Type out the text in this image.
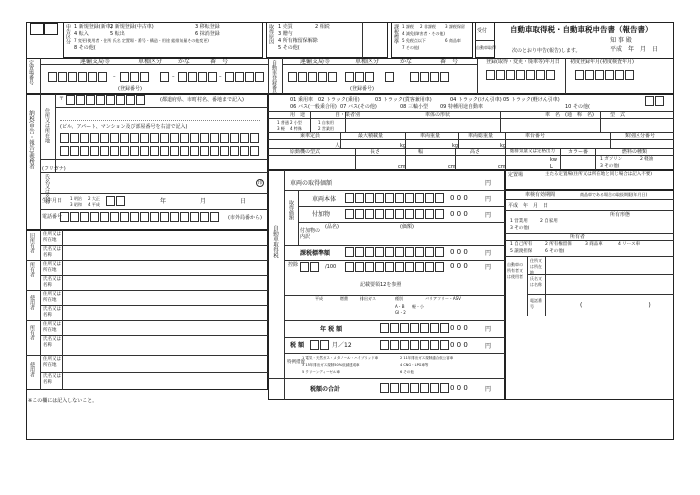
申告区分 1 新規登録(新車)
2 新規登録(中古車)	3 移転登録
4 転入	5 転出	6 抹消登録
7 変更(使用者・住所 氏名 定置場・番号・構造・用途 総排気量その他変更)
8 その他(
取得原因 1 売買	2 相続
3 贈与
4 所有権留保解除
5 その他(
課税標準 1 課税 2 非課税 3 課税保留
4 減免(障害者・その他)
5 免税点以下	6 商品車
7 その他(
受付
自動車取得
自動車取得税・自動車税申告書（報告書）
知 事 殿
次のとおり申告(報告)します。	平成　年　月　日
定置場番号	運輸支局等	車種区分	かな	番　号
–	–	–
(登録番号)	自動車登録番号	運輸支局等	車種区分	かな	番　号
(登録番号)
登録(取得・変更・廃車等)年月日 初度登録年月(初度検査年月)
納税(申告・報告)義務者
〒	(都道府県、市町村名、番地まで記入)
住所又は所在地 (ビル、アパート、マンション及び部屋番号を右詰で記入)
(フリガナ)
氏名又は名称	印
生年月日 1 明治 2 大正
3 昭和 4 平成	年	月	日
電話番号	(市外局番から)
旧所有者
所有者
使用者
所有者
使用者
住所又は所在地
氏名又は名称
住所又は所在地
氏名又は名称
住所又は所在地
氏名又は名称
住所又は所在地
氏名又は名称
住所又は所在地
氏名又は名称
※この欄には記入しないこと。
01 乗用車 02 トラック(乗用)	03 トラック(貨客兼用車)	04 トラック(けん引車) 05 トラック(軽けん引車)
06 バス(一般乗合用) 07 バス(その他)	08 三輪小型 09 特種用途自動車	10 その他(
用　途	自・業者別	車体の形状	車　名　(通　称　名)	型　式
1 普通 2 小型
3 軽 4 特殊
1 自家用
2 営業用
乗車定員	最大積載量	車両重量	車両総重量	車台番号	類別区分番号
人	kg	kg	kg
原動機の型式	長さ	幅	高さ	総排気量又は定格出力	カラー番	燃料の種類
cm	cm	cm
kw
L
1 ガソリン	2 軽油
3 その他(
定置場	主たる定置場(住所又は所在地と同じ場合は記入不要)
自動車取得税
車両の取得価額	円
取得価額
車両本体	0 0 0	円
付加物	0 0 0	円
付加物の内訳
(品名)	(価額)
課税標準額	0 0 0	円
控除	/100	0 0 0	円
記載要領12を参照
平成	燃費	排出ガス	種別	バリアフリー・ASV
A・B
GI・2
軽・小
年 税 額	0 0 0	円
税 額	月／12	0 0 0	円
特例措置
1 電気・天然ガス・メタノール・ハイブリッド車	2 11年排出ガス規制適合低公害車
3 15年排出ガス規制50%低減達成車	4 CNG・LPG車等
5 クリーンディーゼル車	6 その他
税額の合計	0 0 0	円
車検有効期間	商品車である場合の取扱期限(年月日)
平成　年　月　日
所有形態
1 営業用	2 自家用
3 その他(
所有者
1 自己所有	2 所有権留保	3 商品車	4 リース車
5 譲渡担保	6 その他(
自動車の所有者又は使用者
住所又は所在地
氏名又は名称
電話番号	(　　　　　　　　　　　)
